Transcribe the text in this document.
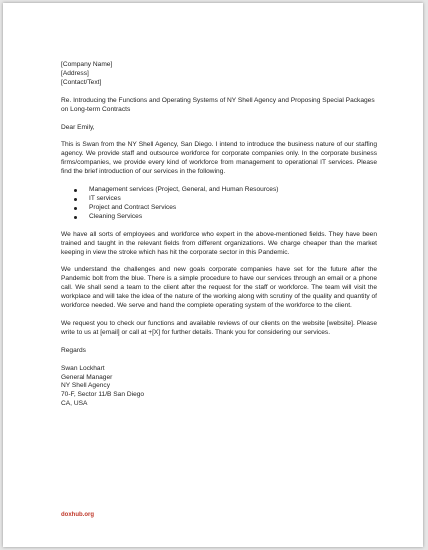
[Company Name]

[Address]

[Contact/Text]

Re. Introducing the Functions and Operating Systems of NY Shell Agency and Proposing Special Packages on Long-term Contracts

Dear Emily,

This is Swan from the NY Shell Agency, San Diego. I intend to introduce the business nature of our staffing agency. We provide staff and outsource workforce for corporate companies only. In the corporate business firms/companies, we provide every kind of workforce from management to operational IT services. Please find the brief introduction of our services in the following.

Management services (Project, General, and Human Resources)
IT services
Project and Contract Services
Cleaning Services

We have all sorts of employees and workforce who expert in the above-mentioned fields. They have been trained and taught in the relevant fields from different organizations. We charge cheaper than the market keeping in view the stroke which has hit the corporate sector in this Pandemic.

We understand the challenges and new goals corporate companies have set for the future after the Pandemic bolt from the blue. There is a simple procedure to have our services through an email or a phone call. We shall send a team to the client after the request for the staff or workforce. The team will visit the workplace and will take the idea of the nature of the working along with scrutiny of the quality and quantity of workforce needed. We serve and hand the complete operating system of the workforce to the client.

We request you to check our functions and available reviews of our clients on the website [website]. Please write to us at [email] or call at +[X] for further details. Thank you for considering our services.

Regards

Swan Lockhart

General Manager

NY Shell Agency

70-F, Sector 11/B San Diego

CA, USA

doxhub.org
